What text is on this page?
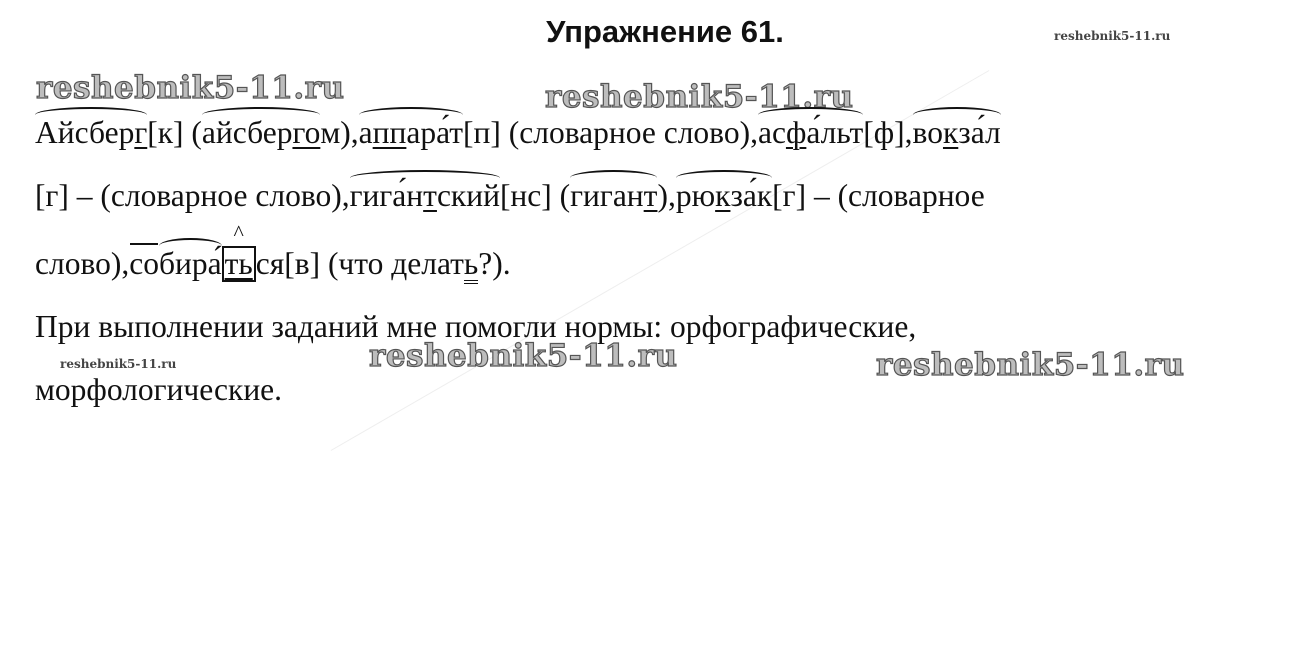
Упражнение 61.
reshebnik5-11.ru	reshebnik5-11.ru
reshebnik5-11.ru
reshebnik5-11.ru	reshebnik5-11.ru	reshebnik5-11.ru
Айсберг[к] (айсбергом),аппара́т[п] (словарное слово),асфа́льт[ф],вокза́л
[г] – (словарное слово),гига́нтский[нс] (гигант),рюкза́к[г] – (словарное
слово),собира́^ ться[в] (что делать?).
При выполнении заданий мне помогли нормы: орфографические,
морфологические.
